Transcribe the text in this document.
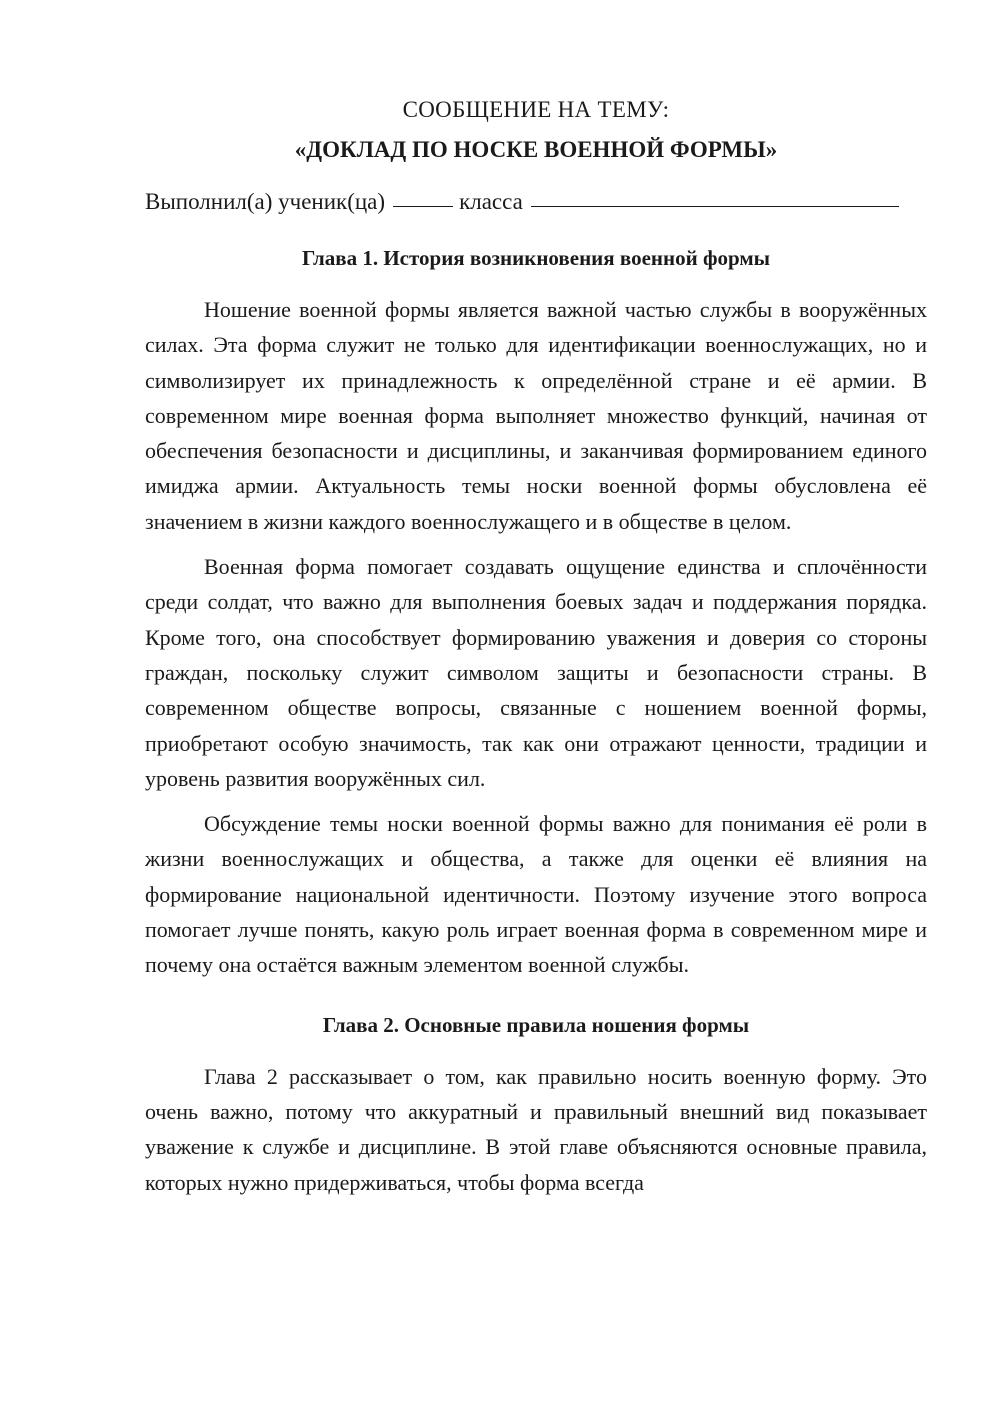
СООБЩЕНИЕ НА ТЕМУ:

«ДОКЛАД ПО НОСКЕ ВОЕННОЙ ФОРМЫ»

Выполнил(а) ученик(ца)	класса
Глава 1. История возникновения военной формы

Ношение военной формы является важной частью службы в вооружённых силах. Эта форма служит не только для идентификации военнослужащих, но и символизирует их принадлежность к определённой стране и её армии. В современном мире военная форма выполняет множество функций, начиная от обеспечения безопасности и дисциплины, и заканчивая формированием единого имиджа армии. Актуальность темы носки военной формы обусловлена её значением в жизни каждого военнослужащего и в обществе в целом.

Военная форма помогает создавать ощущение единства и сплочённости среди солдат, что важно для выполнения боевых задач и поддержания порядка. Кроме того, она способствует формированию уважения и доверия со стороны граждан, поскольку служит символом защиты и безопасности страны. В современном обществе вопросы, связанные с ношением военной формы, приобретают особую значимость, так как они отражают ценности, традиции и уровень развития вооружённых сил.

Обсуждение темы носки военной формы важно для понимания её роли в жизни военнослужащих и общества, а также для оценки её влияния на формирование национальной идентичности. Поэтому изучение этого вопроса помогает лучше понять, какую роль играет военная форма в современном мире и почему она остаётся важным элементом военной службы.

Глава 2. Основные правила ношения формы

Глава 2 рассказывает о том, как правильно носить военную форму. Это очень важно, потому что аккуратный и правильный внешний вид показывает уважение к службе и дисциплине. В этой главе объясняются основные правила, которых нужно придерживаться, чтобы форма всегда
